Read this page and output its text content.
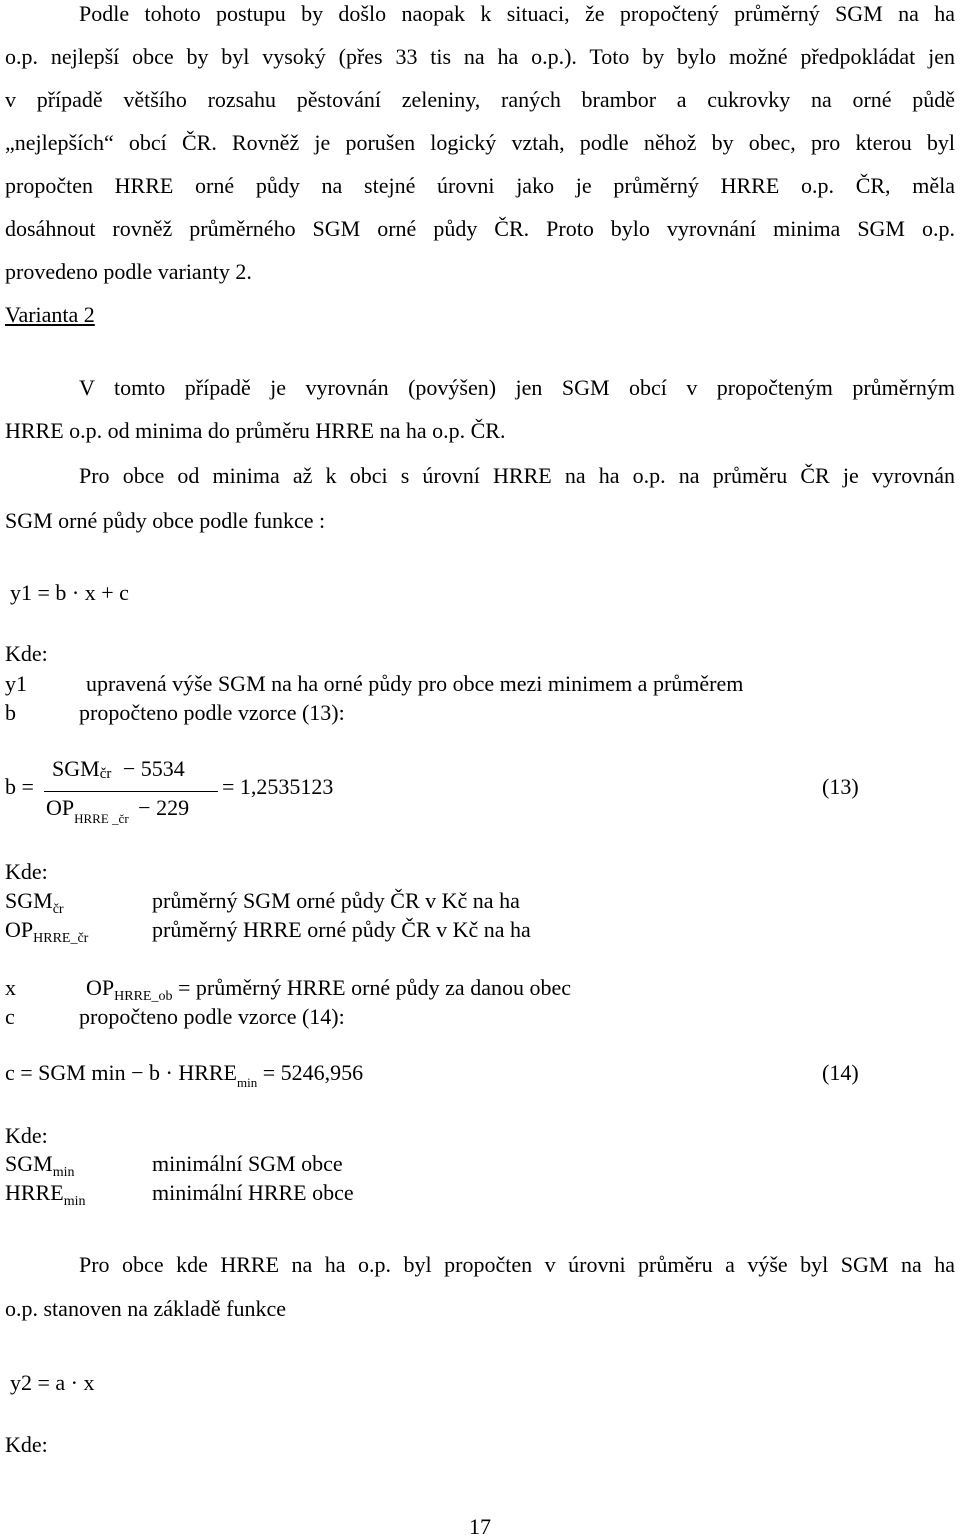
Podle tohoto postupu by došlo naopak k situaci, že propočtený průměrný SGM na ha
o.p. nejlepší obce by byl vysoký (přes 33 tis na ha o.p.). Toto by bylo možné předpokládat jen
v případě většího rozsahu pěstování zeleniny, raných brambor a cukrovky na orné půdě
„nejlepších“ obcí ČR. Rovněž je porušen logický vztah, podle něhož by obec, pro kterou byl
propočten HRRE orné půdy na stejné úrovni jako je průměrný HRRE o.p. ČR, měla
dosáhnout rovněž průměrného SGM orné půdy ČR. Proto bylo vyrovnání minima SGM o.p.
provedeno podle varianty 2.
Varianta 2
V tomto případě je vyrovnán (povýšen) jen SGM obcí v propočteným průměrným
HRRE o.p. od minima do průměru HRRE na ha o.p. ČR.
Pro obce od minima až k obci s úrovní HRRE na ha o.p. na průměru ČR je vyrovnán
SGM orné půdy obce podle funkce :
y1 = b · x + c
Kde:
y1	upravená výše SGM na ha orné půdy pro obce mezi minimem a průměrem
b	propočteno podle vzorce (13):
b =
SGMčr − 5534
$OP_{HRRE \_čr} - 229$
= 1,2535123	(13)
Kde:
$SGM_{čr}$	průměrný SGM orné půdy ČR v Kč na ha
$OP_{HRRE\_čr}$	průměrný HRRE orné půdy ČR v Kč na ha
x	$OP_{HRRE\_ob}$ = průměrný HRRE orné půdy za danou obec
c	propočteno podle vzorce (14):
c = SGM $\min - b \cdot HRRE_{min} = 5246,956$	(14)
Kde:
$SGM_{min}$	minimální SGM obce
$HRRE_{min}$	minimální HRRE obce
Pro obce kde HRRE na ha o.p. byl propočten v úrovni průměru a výše byl SGM na ha
o.p. stanoven na základě funkce
y2 = a · x
Kde:
17
